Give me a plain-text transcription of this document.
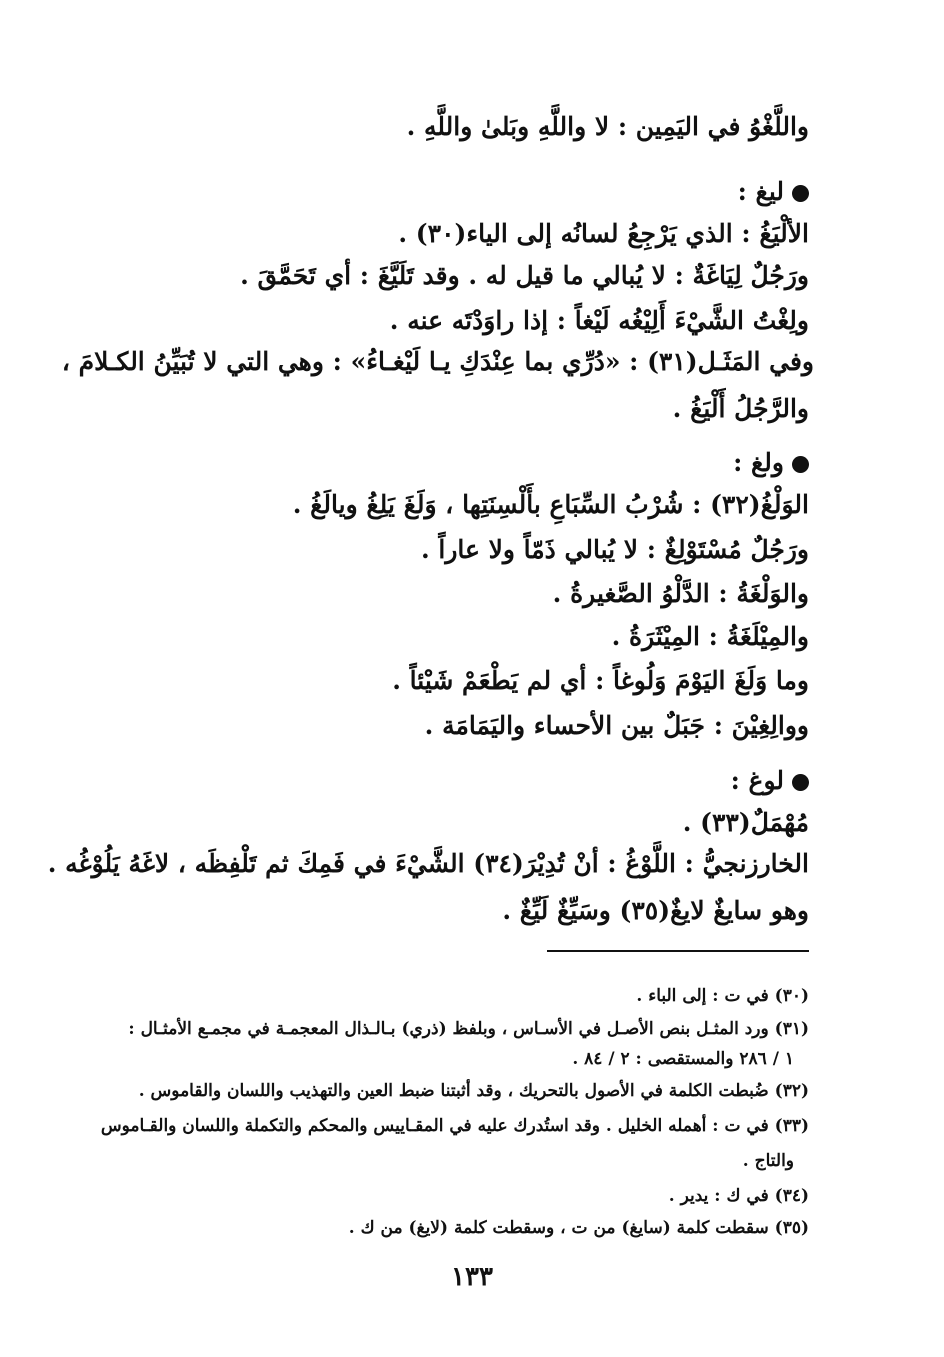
واللَّغْوُ في اليَمِين : لا واللَّهِ وبَلىٰ واللَّهِ .
ليغ :
الألْيَغُ : الذي يَرْجِعُ لسانُه إلى الياء(٣٠) .
ورَجُلٌ لِيَاغَةٌ : لا يُبالي ما قيل له . وقد تَلَيَّغَ : أي تَحَمَّقَ .
ولِغْتُ الشَّيْءَ أَلِيْغُه لَيْغاً : إذا راوَدْتَه عنه .
وفي المَثَـل(٣١) : «دُرِّي بما عِنْدَكِ يـا لَيْغـاءُ» : وهي التي لا تُبَيِّنُ الكـلامَ ،
والرَّجُلُ أَلْيَغُ .
ولغ :
الوَلْغُ(٣٢) : شُرْبُ السِّبَاعِ بأَلْسِنَتِها ، وَلَغَ يَلِغُ ويالَغُ .
ورَجُلٌ مُسْتَوْلِغٌ : لا يُبالي ذَمّاً ولا عاراً .
والوَلْغَةُ : الدَّلْوُ الصَّغيرةُ .
والمِيْلَغَةُ : المِيْثَرَةُ .
وما وَلَغَ اليَوْمَ وَلُوغاً : أي لم يَطْعَمْ شَيْئاً .
ووالِغِيْنَ : جَبَلٌ بين الأحساء واليَمَامَة .
لوغ :
مُهْمَلٌ(٣٣) .
الخارزنجيُّ : اللَّوْغُ : أنْ تُدِيْرَ(٣٤) الشَّيْءَ في فَمِكَ ثم تَلْفِظَه ، لاغَهُ يَلُوْغُه .
وهو سايغٌ لايغٌ(٣٥) وسَيِّغٌ لَيِّغٌ .
(٣٠) في ت : إلى الباء .
(٣١) ورد المثـل بنص الأصـل في الأسـاس ، وبلفظ (ذري) بـالـذال المعجمـة في مجمـع الأمثـال :
١ / ٢٨٦ والمستقصى : ٢ / ٨٤ .
(٣٢) ضُبطت الكلمة في الأصول بالتحريك ، وقد أثبتنا ضبط العين والتهذيب واللسان والقاموس .
(٣٣) في ت : أهمله الخليل . وقد استُدرك عليه في المقـاييس والمحكم والتكملة واللسان والقـاموس
والتاج .
(٣٤) في ك : يدير .
(٣٥) سقطت كلمة (سايغ) من ت ، وسقطت كلمة (لايغ) من ك .
١٣٣
